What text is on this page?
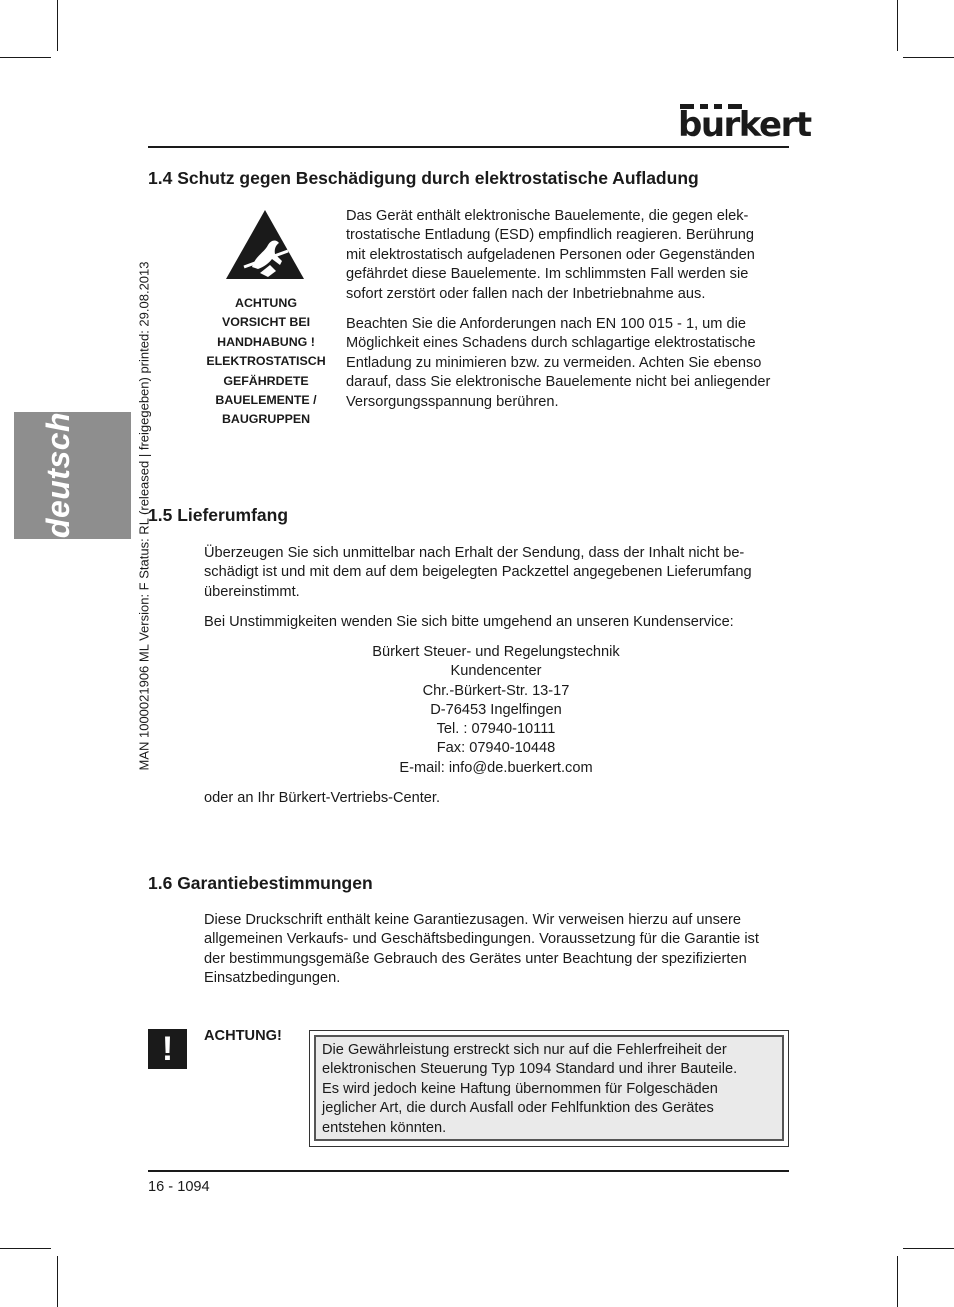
burkert
deutsch	MAN 1000021906 ML Version: F Status: RL (released | freigegeben) printed: 29.08.2013
1.4 Schutz gegen Beschädigung durch elektrostatische Aufladung
ACHTUNG
VORSICHT BEI
HANDHABUNG !
ELEKTROSTATISCH
GEFÄHRDETE
BAUELEMENTE /
BAUGRUPPEN
Das Gerät enthält elektronische Bauelemente, die gegen elek-
trostatische Entladung (ESD) empfindlich reagieren. Berührung
mit elektrostatisch aufgeladenen Personen oder Gegenständen
gefährdet diese Bauelemente. Im schlimmsten Fall werden sie
sofort zerstört oder fallen nach der Inbetriebnahme aus.
Beachten Sie die Anforderungen nach EN 100 015 - 1, um die
Möglichkeit eines Schadens durch schlagartige elektrostatische
Entladung zu minimieren bzw. zu vermeiden. Achten Sie ebenso
darauf, dass Sie elektronische Bauelemente nicht bei anliegender
Versorgungsspannung berühren.
1.5 Lieferumfang
Überzeugen Sie sich unmittelbar nach Erhalt der Sendung, dass der Inhalt nicht be-
schädigt ist und mit dem auf dem beigelegten Packzettel angegebenen Lieferumfang
übereinstimmt.
Bei Unstimmigkeiten wenden Sie sich bitte umgehend an unseren Kundenservice:
Bürkert Steuer- und Regelungstechnik
Kundencenter
Chr.-Bürkert-Str. 13-17
D-76453 Ingelfingen
Tel. : 07940-10111
Fax: 07940-10448
E-mail: info@de.buerkert.com
oder an Ihr Bürkert-Vertriebs-Center.
1.6 Garantiebestimmungen
Diese Druckschrift enthält keine Garantiezusagen. Wir verweisen hierzu auf unsere
allgemeinen Verkaufs- und Geschäftsbedingungen. Voraussetzung für die Garantie ist
der bestimmungsgemäße Gebrauch des Gerätes unter Beachtung der spezifizierten
Einsatzbedingungen.
!	ACHTUNG!
Die Gewährleistung erstreckt sich nur auf die Fehlerfreiheit der
elektronischen Steuerung Typ 1094 Standard und ihrer Bauteile.
Es wird jedoch keine Haftung übernommen für Folgeschäden
jeglicher Art, die durch Ausfall oder Fehlfunktion des Gerätes
entstehen könnten.
16 - 1094
